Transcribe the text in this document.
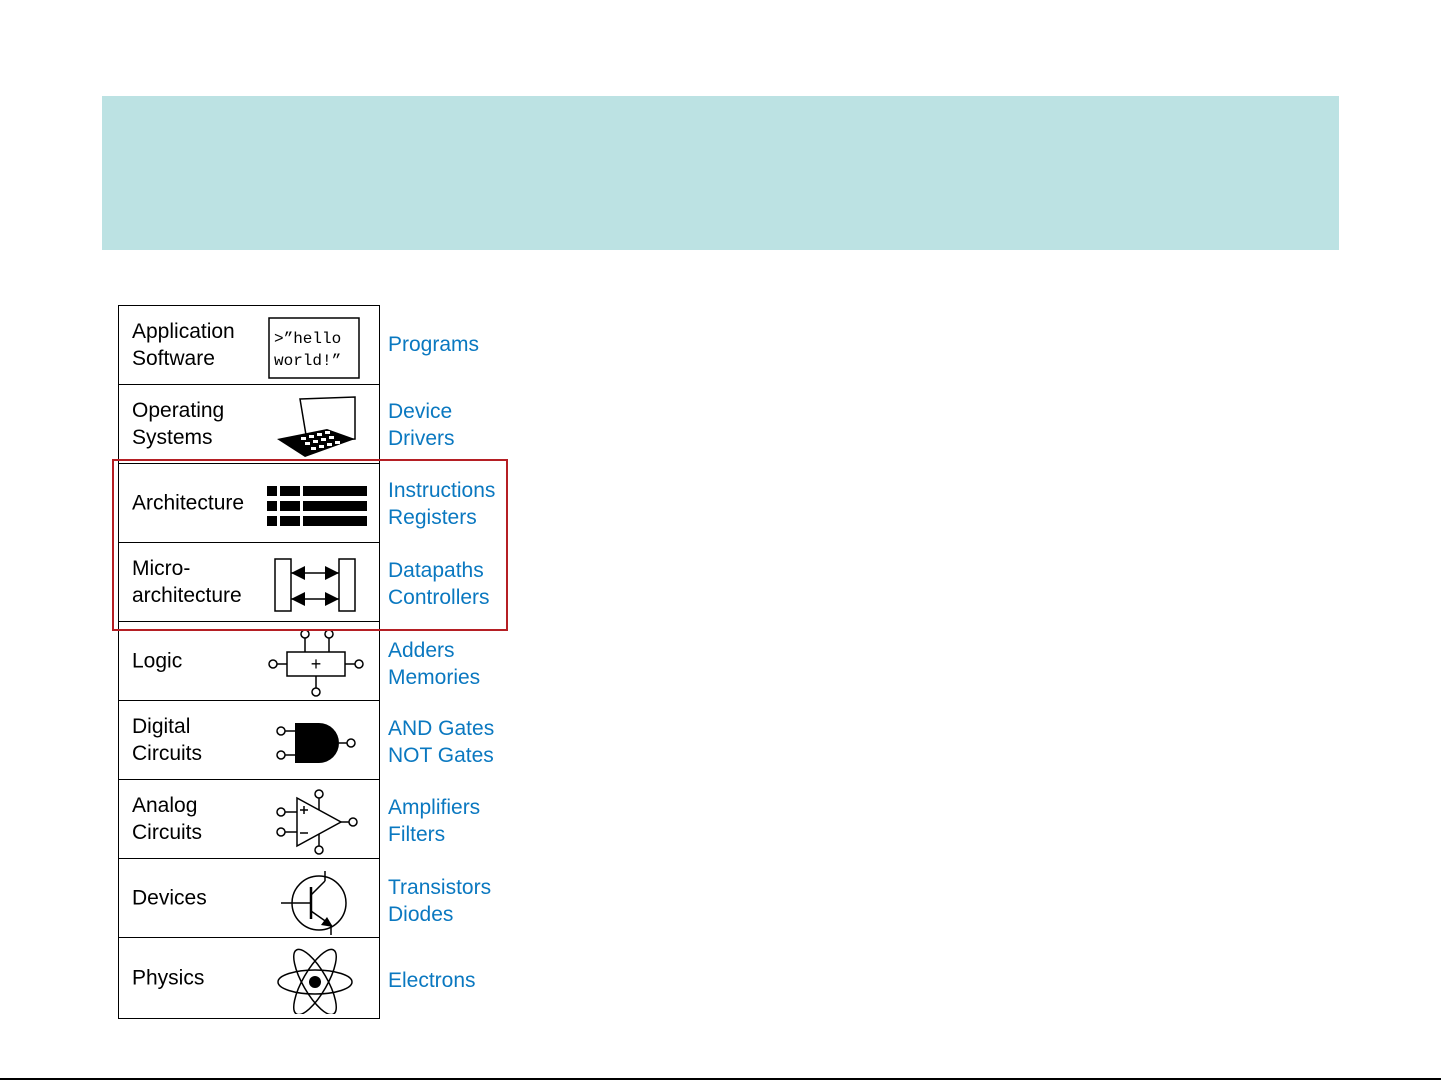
Application
Software
>”hello world!”
Operating
Systems
Architecture
Micro-
architecture
Logic	+
Digital
Circuits
Analog
Circuits
Devices
Physics
Programs
Device
Drivers
Instructions
Registers
Datapaths
Controllers
Adders
Memories
AND Gates
NOT Gates
Amplifiers
Filters
Transistors
Diodes
Electrons
